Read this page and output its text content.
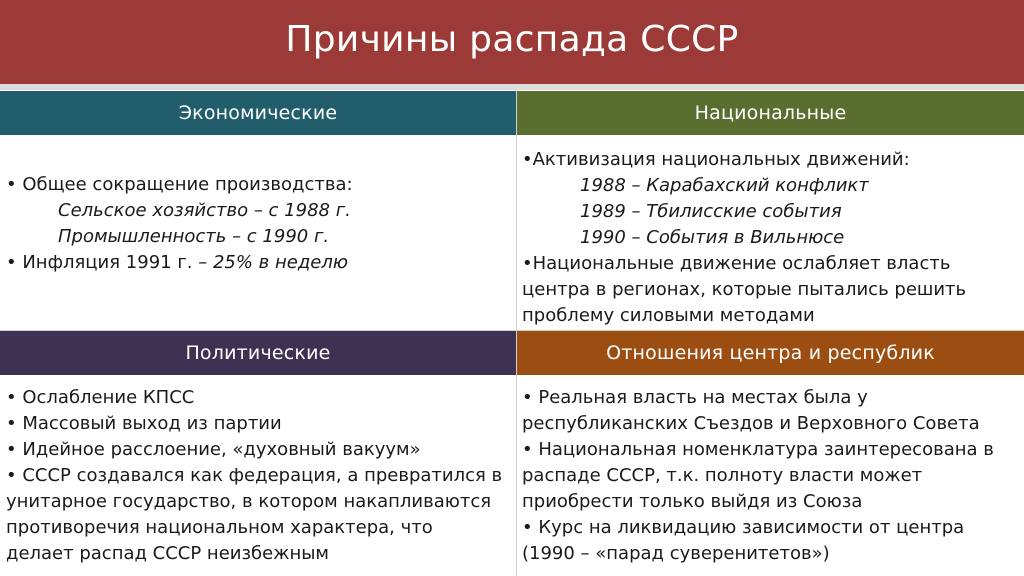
Причины распада СССР
Экономические

• Общее сокращение производства:

Сельское хозяйство – с 1988 г.

Промышленность – с 1990 г.

• Инфляция 1991 г. – 25% в неделю

Национальные

•Активизация национальных движений:

1988 – Карабахский конфликт

1989 – Тбилисские события

1990 – События в Вильнюсе

•Национальные движение ослабляет власть

центра в регионах, которые пытались решить

проблему силовыми методами

Политические

• Ослабление КПСС

• Массовый выход из партии

• Идейное расслоение, «духовный вакуум»

• СССР создавался как федерация, а превратился в

унитарное государство, в котором накапливаются

противоречия национальном характера, что

делает распад СССР неизбежным

Отношения центра и республик

• Реальная власть на местах была у

республиканских Съездов и Верховного Совета

• Национальная номенклатура заинтересована в

распаде СССР, т.к. полноту власти может

приобрести только выйдя из Союза

• Курс на ликвидацию зависимости от центра

(1990 – «парад суверенитетов»)
